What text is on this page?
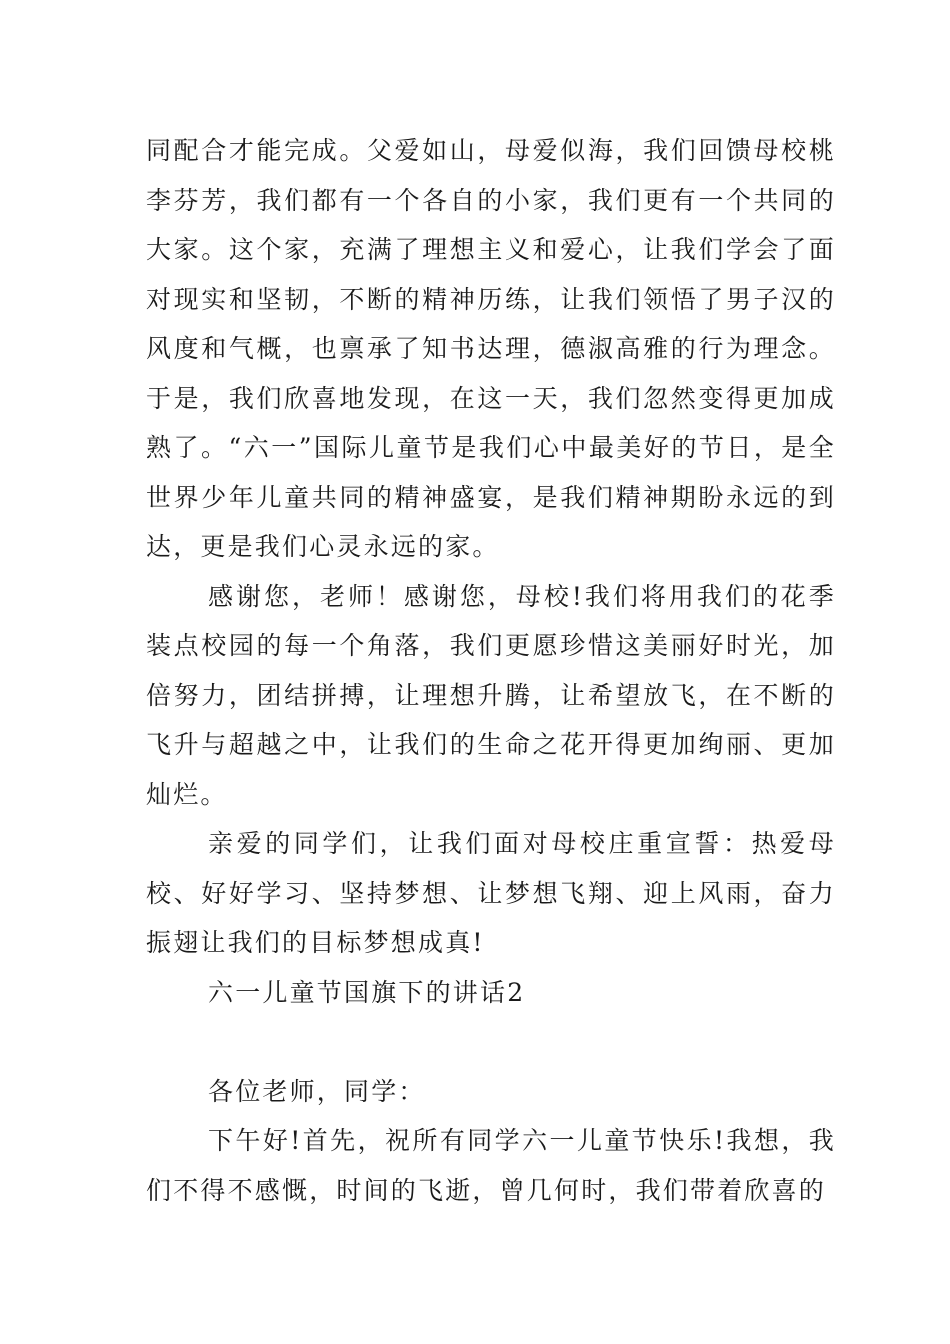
同配合才能完成。父爱如山，母爱似海，我们回馈母校桃李芬芳，我们都有一个各自的小家，我们更有一个共同的大家。这个家，充满了理想主义和爱心，让我们学会了面对现实和坚韧，不断的精神历练，让我们领悟了男子汉的风度和气概，也禀承了知书达理，德淑高雅的行为理念。于是，我们欣喜地发现，在这一天，我们忽然变得更加成熟了。“六一”国际儿童节是我们心中最美好的节日，是全世界少年儿童共同的精神盛宴，是我们精神期盼永远的到达，更是我们心灵永远的家。

感谢您，老师！感谢您，母校!我们将用我们的花季装点校园的每一个角落，我们更愿珍惜这美丽好时光，加倍努力，团结拼搏，让理想升腾，让希望放飞，在不断的飞升与超越之中，让我们的生命之花开得更加绚丽、更加灿烂。

亲爱的同学们，让我们面对母校庄重宣誓：热爱母校、好好学习、坚持梦想、让梦想飞翔、迎上风雨，奋力振翅让我们的目标梦想成真!

六一儿童节国旗下的讲话2

各位老师，同学：

下午好!首先，祝所有同学六一儿童节快乐!我想，我们不得不感慨，时间的飞逝，曾几何时，我们带着欣喜的
